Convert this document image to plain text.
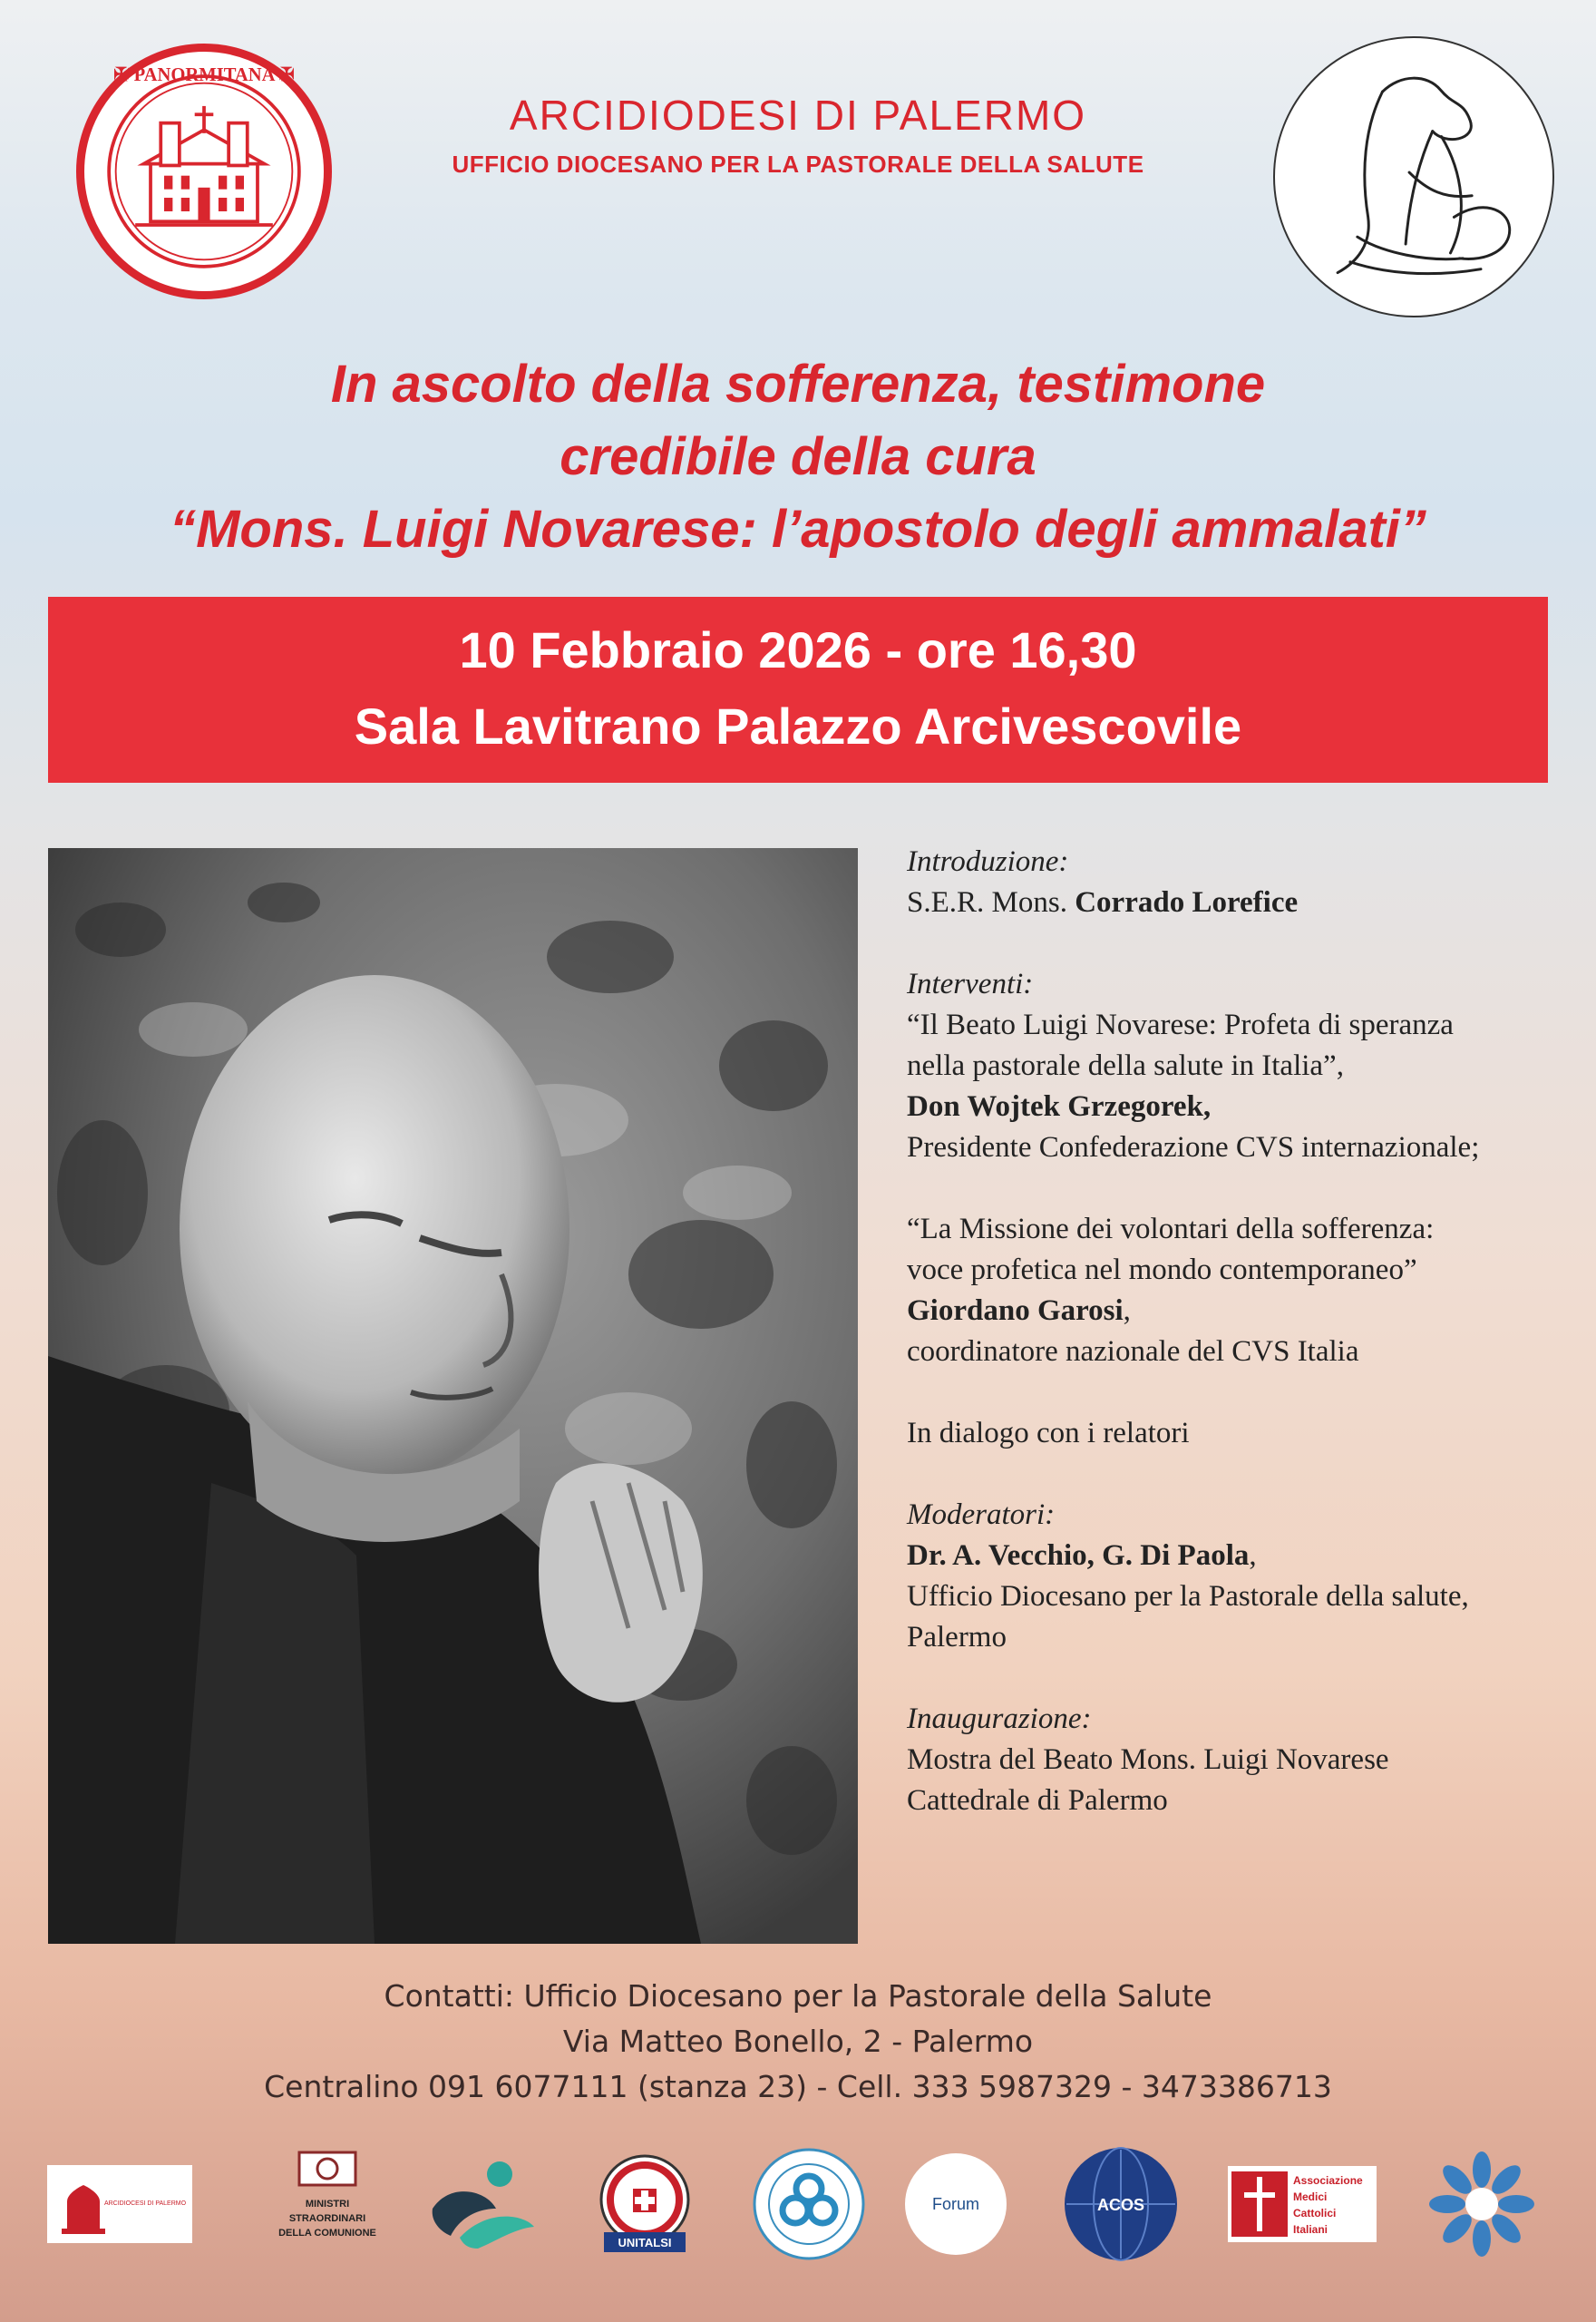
✠ PANORMITANA ✠
ARCIDIODESI DI PALERMO
UFFICIO DIOCESANO PER LA PASTORALE DELLA SALUTE
In ascolto della sofferenza, testimone
credibile della cura
“Mons. Luigi Novarese: l’apostolo degli ammalati”
10 Febbraio 2026 - ore 16,30
Sala Lavitrano Palazzo Arcivescovile
Introduzione:
S.E.R. Mons. Corrado Lorefice
Interventi:
“Il Beato Luigi Novarese: Profeta di speranza
nella pastorale della salute in Italia”,
Don Wojtek Grzegorek,
Presidente Confederazione CVS internazionale;
“La Missione dei volontari della sofferenza:
voce profetica nel mondo contemporaneo”
Giordano Garosi,
coordinatore nazionale del CVS Italia
In dialogo con i relatori
Moderatori:
Dr. A. Vecchio, G. Di Paola,
Ufficio Diocesano per la Pastorale della salute,
Palermo
Inaugurazione:
Mostra del Beato Mons. Luigi Novarese
Cattedrale di Palermo
Contatti: Ufficio Diocesano per la Pastorale della Salute
Via Matteo Bonello, 2 - Palermo
Centralino 091 6077111 (stanza 23) - Cell. 333 5987329 - 3473386713
ARCIDIOCESI DI PALERMO	MINISTRI
STRAORDINARI
DELLA COMUNIONE
UNITALSI
Forum	ACOS
Associazione
Medici
Cattolici
Italiani
